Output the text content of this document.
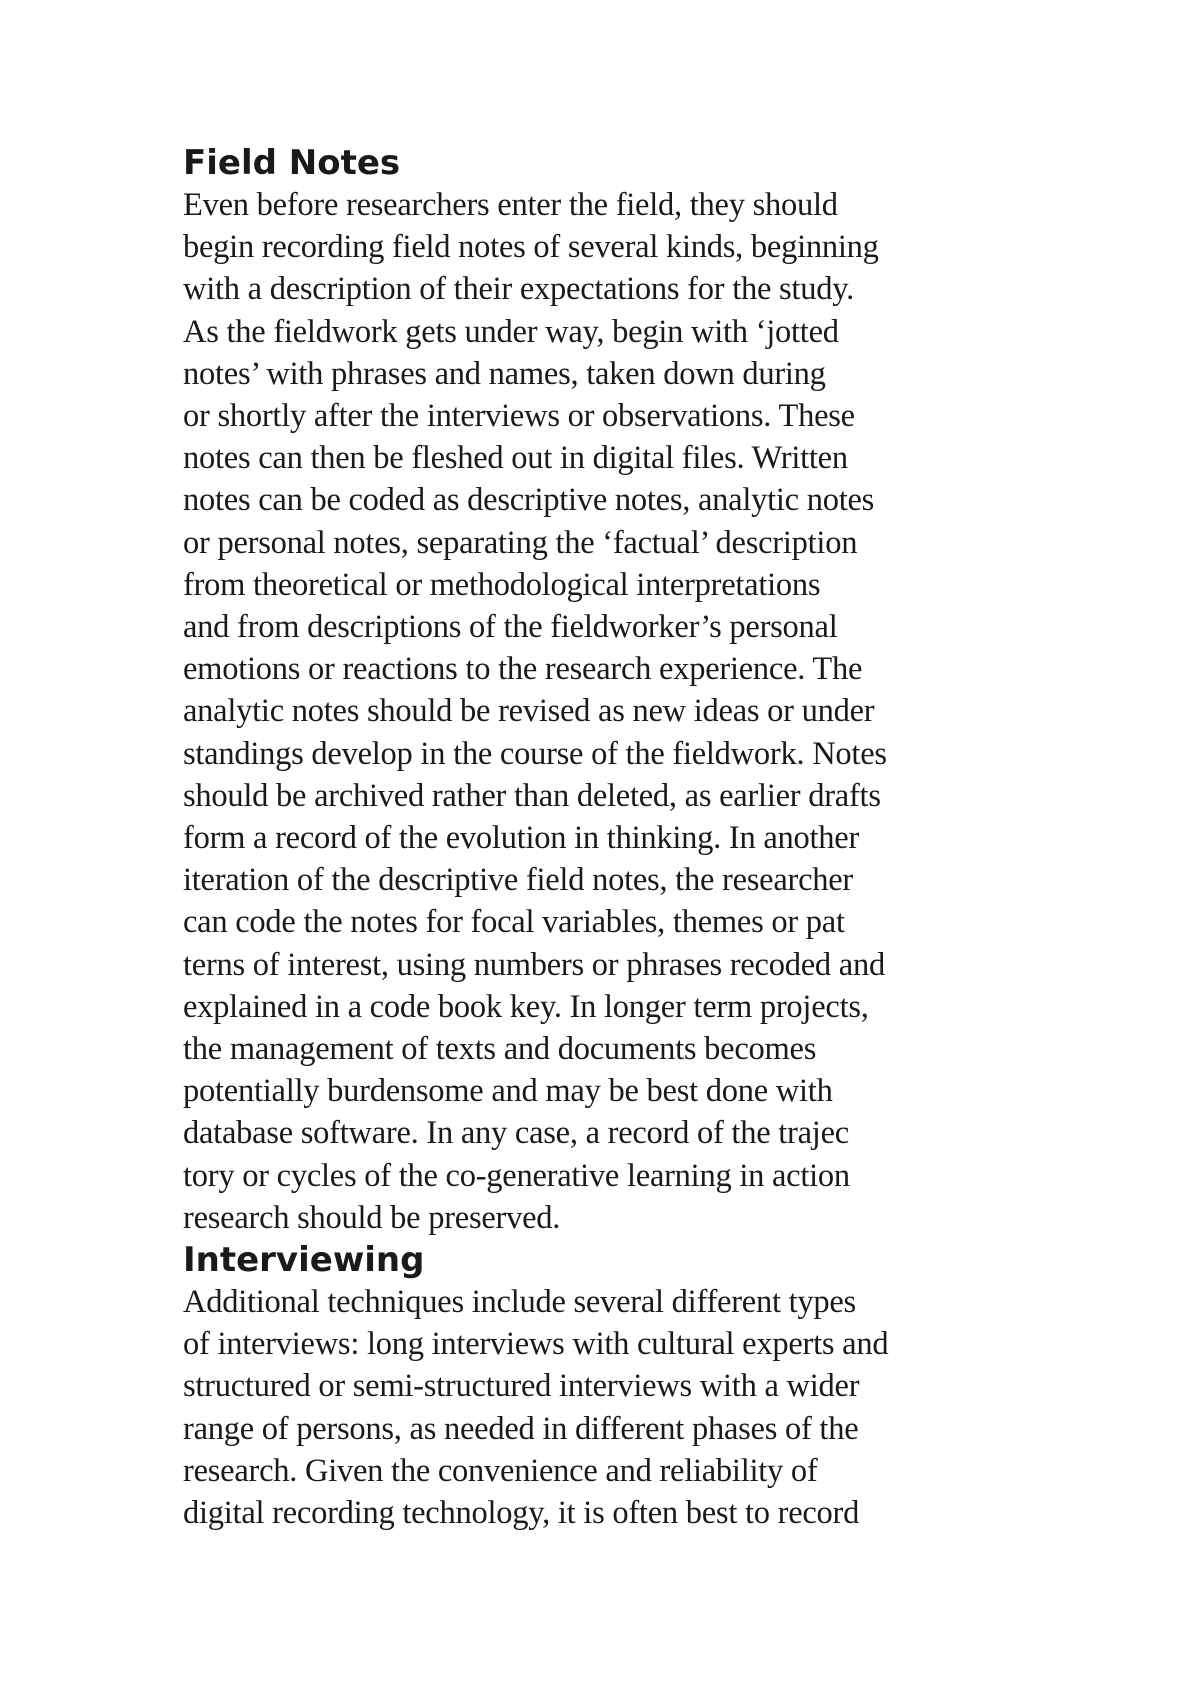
Field Notes
Even before researchers enter the field, they should
begin recording field notes of several kinds, beginning
with a description of their expectations for the study.
As the fieldwork gets under way, begin with ‘jotted
notes’ with phrases and names, taken down during
or shortly after the interviews or observations. These
notes can then be fleshed out in digital files. Written
notes can be coded as descriptive notes, analytic notes
or personal notes, separating the ‘factual’ description
from theoretical or methodological interpretations
and from descriptions of the fieldworker’s personal
emotions or reactions to the research experience. The
analytic notes should be revised as new ideas or under
standings develop in the course of the fieldwork. Notes
should be archived rather than deleted, as earlier drafts
form a record of the evolution in thinking. In another
iteration of the descriptive field notes, the researcher
can code the notes for focal variables, themes or pat
terns of interest, using numbers or phrases recoded and
explained in a code book key. In longer term projects,
the management of texts and documents becomes
potentially burdensome and may be best done with
database software. In any case, a record of the trajec
tory or cycles of the co-generative learning in action
research should be preserved.
Interviewing
Additional techniques include several different types
of interviews: long interviews with cultural experts and
structured or semi-structured interviews with a wider
range of persons, as needed in different phases of the
research. Given the convenience and reliability of
digital recording technology, it is often best to record
